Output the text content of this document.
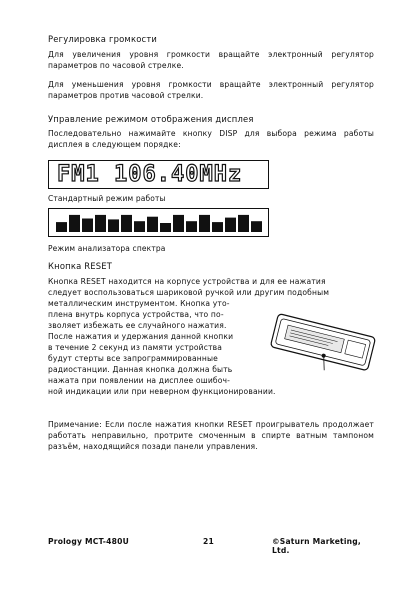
Регулировка громкости
Для увеличения уровня громкости вращайте электронный регулятор параметров по часовой стрелке.
Для уменьшения уровня громкости вращайте электронный регулятор параметров против часовой стрелки.
Управление режимом отображения дисплея
Последовательно нажимайте кнопку DISP для выбора режима работы дисплея в следующем порядке:
FM1 106.40MHz
Стандартный режим работы
Режим анализатора спектра
Кнопка RESET
Кнопка RESET находится на корпусе устройства и для ее нажатия
следует воспользоваться шариковой ручкой или другим подобным
металлическим инструментом. Кнопка уто-
плена внутрь корпуса устройства, что по-
зволяет избежать ее случайного нажатия.
После нажатия и удержания данной кнопки
в течение 2 секунд из памяти устройства
будут стерты все запрограммированные
радиостанции. Данная кнопка должна быть
нажата при появлении на дисплее ошибоч-
ной индикации или при неверном функционировании.
Примечание: Если после нажатия кнопки RESET проигрыватель продолжает работать неправильно, протрите смоченным в спирте ватным тампоном разъём, находящийся позади панели управления.
Prology MCT-480U	21	©Saturn Marketing, Ltd.
